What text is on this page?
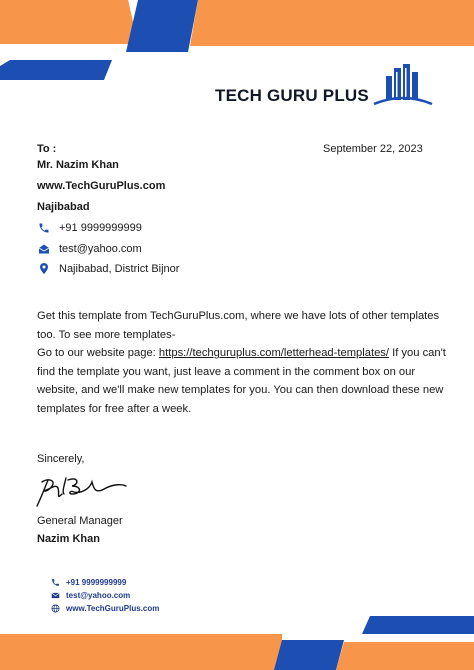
TECH GURU PLUS
To :	September 22, 2023
Mr. Nazim Khan
www.TechGuruPlus.com
Najibabad
+91 9999999999
test@yahoo.com
Najibabad, District Bijnor

Get this template from TechGuruPlus.com, where we have lots of other templates too. To see more templates-

Go to our website page: https://techguruplus.com/letterhead-templates/ If you can't find the template you want, just leave a comment in the comment box on our website, and we'll make new templates for you. You can then download these new templates for free after a week.

Sincerely,
General Manager
Nazim Khan
+91 9999999999
test@yahoo.com
www.TechGuruPlus.com
